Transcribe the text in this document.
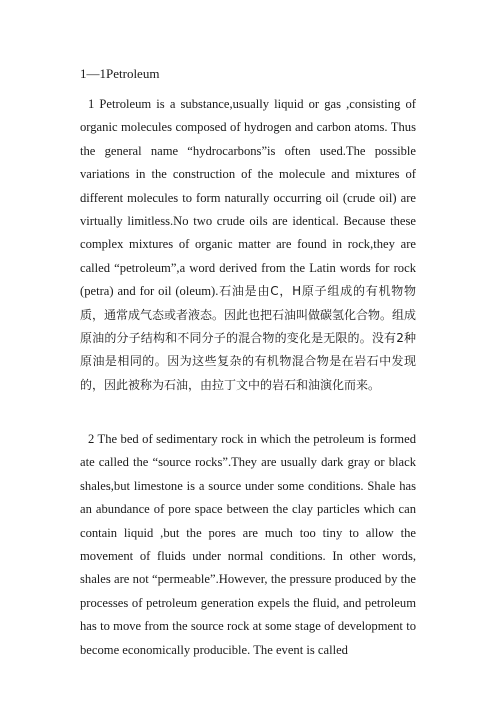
1—1Petroleum

1 Petroleum is a substance,usually liquid or gas ,consisting of organic molecules composed of hydrogen and carbon atoms. Thus the general name “hydrocarbons”is often used.The possible variations in the construction of the molecule and mixtures of different molecules to form naturally occurring oil (crude oil) are virtually limitless.No two crude oils are identical. Because these complex mixtures of organic matter are found in rock,they are called “petroleum”,a word derived from the Latin words for rock (petra) and for oil (oleum).石油是由C，H原子组成的有机物物质，通常成气态或者液态。因此也把石油叫做碳氢化合物。组成原油的分子结构和不同分子的混合物的变化是无限的。没有2种原油是相同的。因为这些复杂的有机物混合物是在岩石中发现的，因此被称为石油，由拉丁文中的岩石和油演化而来。

2 The bed of sedimentary rock in which the petroleum is formed ate called the “source rocks”.They are usually dark gray or black shales,but limestone is a source under some conditions. Shale has an abundance of pore space between the clay particles which can contain liquid ,but the pores are much too tiny to allow the movement of fluids under normal conditions. In other words, shales are not “permeable”.However, the pressure produced by the processes of petroleum generation expels the fluid, and petroleum has to move from the source rock at some stage of development to become economically producible. The event is called
